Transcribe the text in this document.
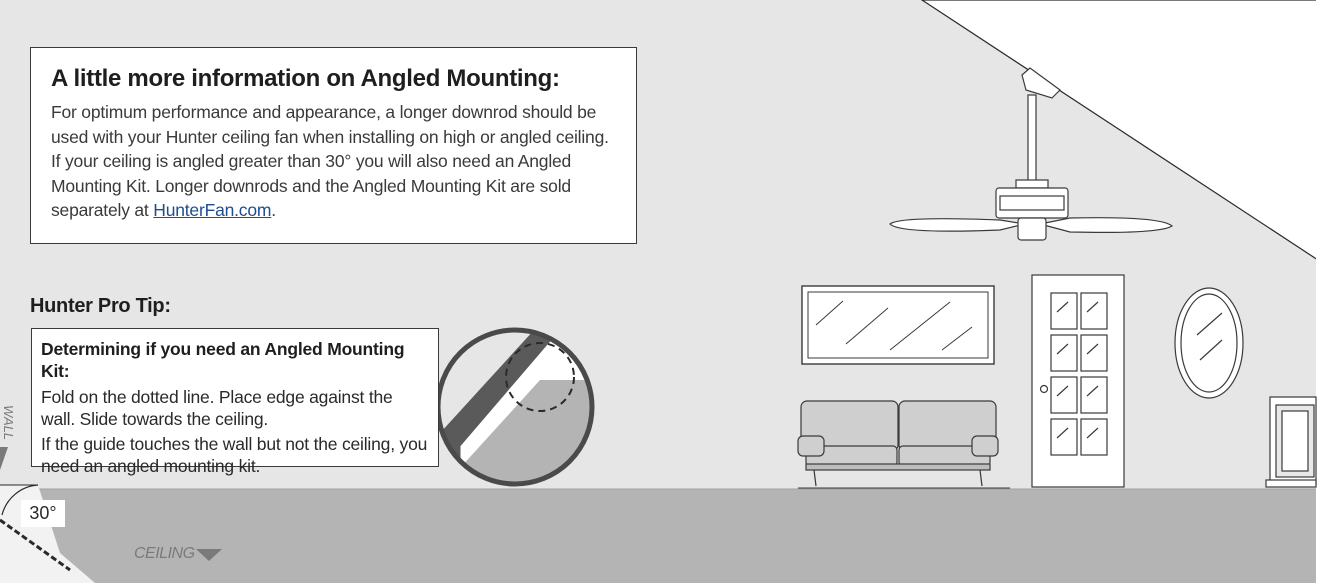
WALL
A little more information on Angled Mounting:

For optimum performance and appearance, a longer downrod should be used with your Hunter ceiling fan when installing on high or angled ceiling. If your ceiling is angled greater than 30° you will also need an Angled Mounting Kit. Longer downrods and the Angled Mounting Kit are sold separately at HunterFan.com.

Hunter Pro Tip:

Determining if you need an Angled Mounting Kit:

Fold on the dotted line. Place edge against the wall. Slide towards the ceiling.

If the guide touches the wall but not the ceiling, you need an angled mounting kit.

30°
CEILING
